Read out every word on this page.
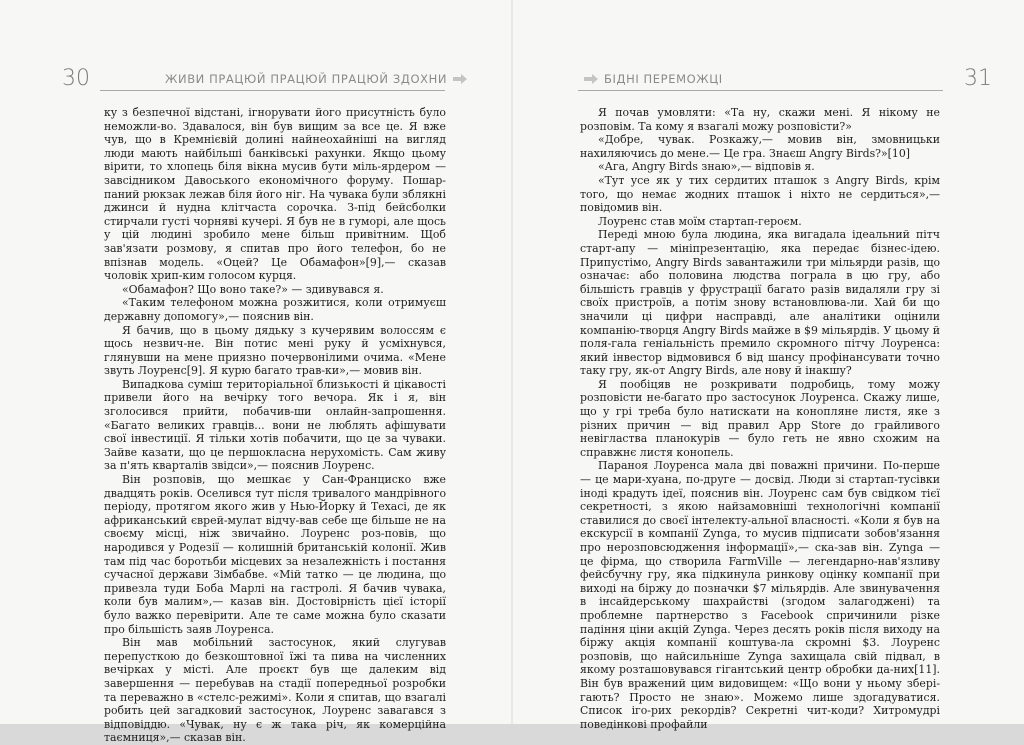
30	ЖИВИ ПРАЦЮЙ ПРАЦЮЙ ПРАЦЮЙ ЗДОХНИ

ку з безпечної відстані, ігнорувати його присутність було неможли-во. Здавалося, він був вищим за все це. Я вже чув, що в Кремнієвій долині найнеохайніші на вигляд люди мають найбільші банківські рахунки. Якщо цьому вірити, то хлопець біля вікна мусив бути міль-ярдером — завсідником Давоського економічного форуму. Пошар-паний рюкзак лежав біля його ніг. На чувака були зблякні джинси й нудна клітчаста сорочка. З-під бейсболки стирчали густі чорняві кучері. Я був не в гуморі, але щось у цій людині зробило мене більш привітним. Щоб зав'язати розмову, я спитав про його телефон, бо не впізнав модель. «Оцей? Це Обамафон»[9],— сказав чоловік хрип-ким голосом курця.

«Обамафон? Що воно таке?» — здивувався я.

«Таким телефоном можна розжитися, коли отримуєш державну допомогу»,— пояснив він.

Я бачив, що в цьому дядьку з кучерявим волоссям є щось незвич-не. Він потис мені руку й усміхнувся, глянувши на мене приязно почервонілими очима. «Мене звуть Лоуренс[9]. Я курю багато трав-ки»,— мовив він.

Випадкова суміш територіальної близькості й цікавості привели його на вечірку того вечора. Як і я, він зголосився прийти, побачив-ши онлайн-запрошення. «Багато великих гравців... вони не люблять афішувати свої інвестиції. Я тільки хотів побачити, що це за чуваки. Зайве казати, що це першокласна нерухомість. Сам живу за п'ять кварталів звідси»,— пояснив Лоуренс.

Він розповів, що мешкає у Сан-Франциско вже двадцять років. Оселився тут після тривалого мандрівного періоду, протягом якого жив у Нью-Йорку й Техасі, де як африканський єврей-мулат відчу-вав себе ще більше не на своєму місці, ніж звичайно. Лоуренс роз-повів, що народився у Родезії — колишній британській колонії. Жив там під час боротьби місцевих за незалежність і постання сучасної держави Зімбабве. «Мій татко — це людина, що привезла туди Боба Марлі на гастролі. Я бачив чувака, коли був малим»,— казав він. Достовірність цієї історії було важко перевірити. Але те саме можна було сказати про більшість заяв Лоуренса.

Він мав мобільний застосунок, який слугував перепусткою до безкоштовної їжі та пива на численних вечірках у місті. Але проєкт був ще далеким від завершення — перебував на стадії попередньої розробки та переважно в «стелс-режимі». Коли я спитав, що взагалі робить цей загадковий застосунок, Лоуренс завагався з відповіддю. «Чувак, ну є ж така річ, як комерційна таємниця»,— сказав він.

БІДНІ ПЕРЕМОЖЦІ	31

Я почав умовляти: «Та ну, скажи мені. Я нікому не розповім. Та кому я взагалі можу розповісти?»

«Добре, чувак. Розкажу,— мовив він, змовницьки нахиляючись до мене.— Це гра. Знаєш Angry Birds?»[10]

«Ага, Angry Birds знаю»,— відповів я.

«Тут усе як у тих сердитих пташок з Angry Birds, крім того, що немає жодних пташок і ніхто не сердиться»,— повідомив він.

Лоуренс став моїм стартап-героєм.

Переді мною була людина, яка вигадала ідеальний пітч старт-апу — мініпрезентацію, яка передає бізнес-ідею. Припустімо, Angry Birds завантажили три мільярди разів, що означає: або половина людства пограла в цю гру, або більшість гравців у фрустрації багато разів видаляли гру зі своїх пристроїв, а потім знову встановлюва-ли. Хай би що значили ці цифри насправді, але аналітики оцінили компанію-творця Angry Birds майже в $9 мільярдів. У цьому й поля-гала геніальність премило скромного пітчу Лоуренса: який інвестор відмовився б від шансу профінансувати точно таку гру, як-от Angry Birds, але нову й інакшу?

Я пообіцяв не розкривати подробиць, тому можу розповісти не-багато про застосунок Лоуренса. Скажу лише, що у грі треба було натискати на конопляне листя, яке з різних причин — від правил App Store до грайливого невігластва планокурів — було геть не явно схожим на справжнє листя конопель.

Параноя Лоуренса мала дві поважні причини. По-перше — це мари-хуана, по-друге — досвід. Люди зі стартап-тусівки іноді крадуть ідеї, пояснив він. Лоуренс сам був свідком тієї секретності, з якою найзамовніші технологічні компанії ставилися до своєї інтелекту-альної власності. «Коли я був на екскурсії в компанії Zynga, то мусив підписати зобов'язання про нерозповсюдження інформації»,— ска-зав він. Zynga — це фірма, що створила FarmVille — легендарно-нав'язливу фейсбучну гру, яка підкинула ринкову оцінку компанії при виході на біржу до позначки $7 мільярдів. Але звинувачення в інсайдерському шахрайстві (згодом залагоджені) та проблемне партнерство з Facebook спричинили різке падіння ціни акцій Zynga. Через десять років після виходу на біржу акція компанії коштува-ла скромні $3. Лоуренс розповів, що найсильніше Zynga захищала свій підвал, в якому розташовувався гігантський центр обробки да-них[11]. Він був вражений цим видовищем: «Що вони у ньому зберi-гають? Просто не знаю». Можемо лише здогадуватися. Список іго-рих рекордів? Секретні чит-коди? Хитромудрі поведінкові профайли
